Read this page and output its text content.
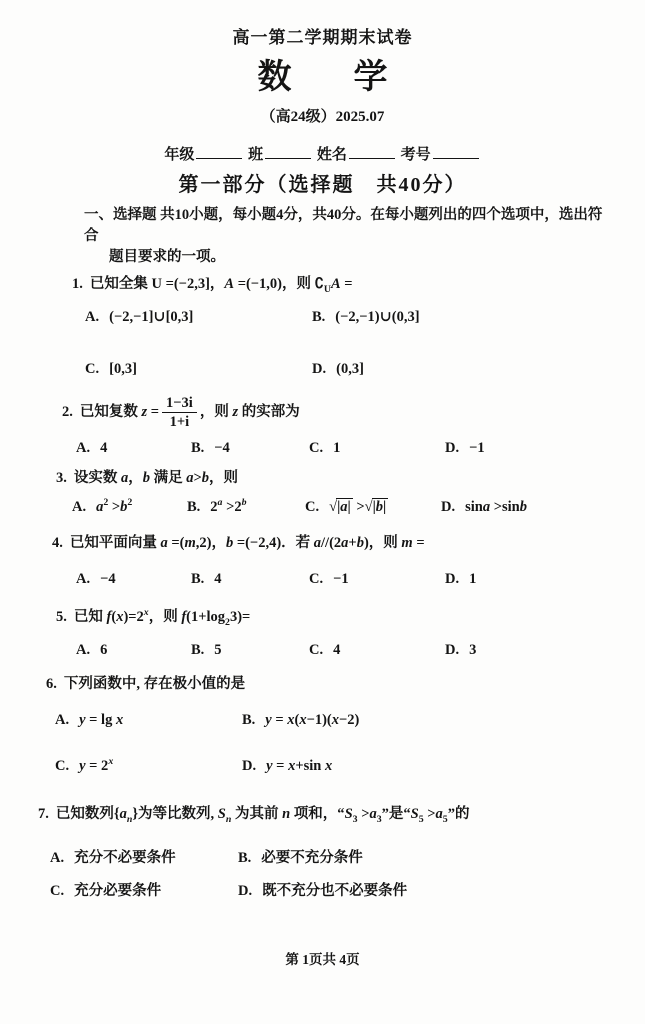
高一第二学期期末试卷
数　学
（高24级）2025.07
年级	班	姓名	考号
第一部分（选择题　共40分）
一、选择题 共10小题，每小题4分，共40分。在每小题列出的四个选项中，选出符合
题目要求的一项。
1. 已知全集 U =(−2,3]，A =(−1,0)，则 $∁_UA$ =
A. (−2,−1]∪[0,3]	B. (−2,−1)∪(0,3]
C. [0,3]	D. (0,3]
2. 已知复数 $z = \frac{1-3i}{1+i}$ ，则 z 的实部为
A. 4	B. −4	C. 1	D. −1
3. 设实数 a，b 满足 a>b，则
A. $a^2 >b^2$	B. $2^a >2^b$	C. √|a| >√|b|	D. sina >sinb
4. 已知平面向量 a =(m,2)，b =(−2,4)．若 a//(2a+b)，则 m =
A. −4	B. 4	C. −1	D. 1
5. 已知 $f(x)=2^x$，则 $f(1+\log_23)=$
A. 6	B. 5	C. 4	D. 3
6. 下列函数中, 存在极小值的是
A. y = lg x	B. y = x(x−1)(x−2)
C. $y = 2^x$	D. y = x+sin x
7. 已知数列$\{a_n\}$为等比数列, $S_n$ 为其前 n 项和，“$S_3 >a_3$”是“$S_5 >a_5$”的
A. 充分不必要条件	B. 必要不充分条件
C. 充分必要条件	D. 既不充分也不必要条件
第 1页共 4页
